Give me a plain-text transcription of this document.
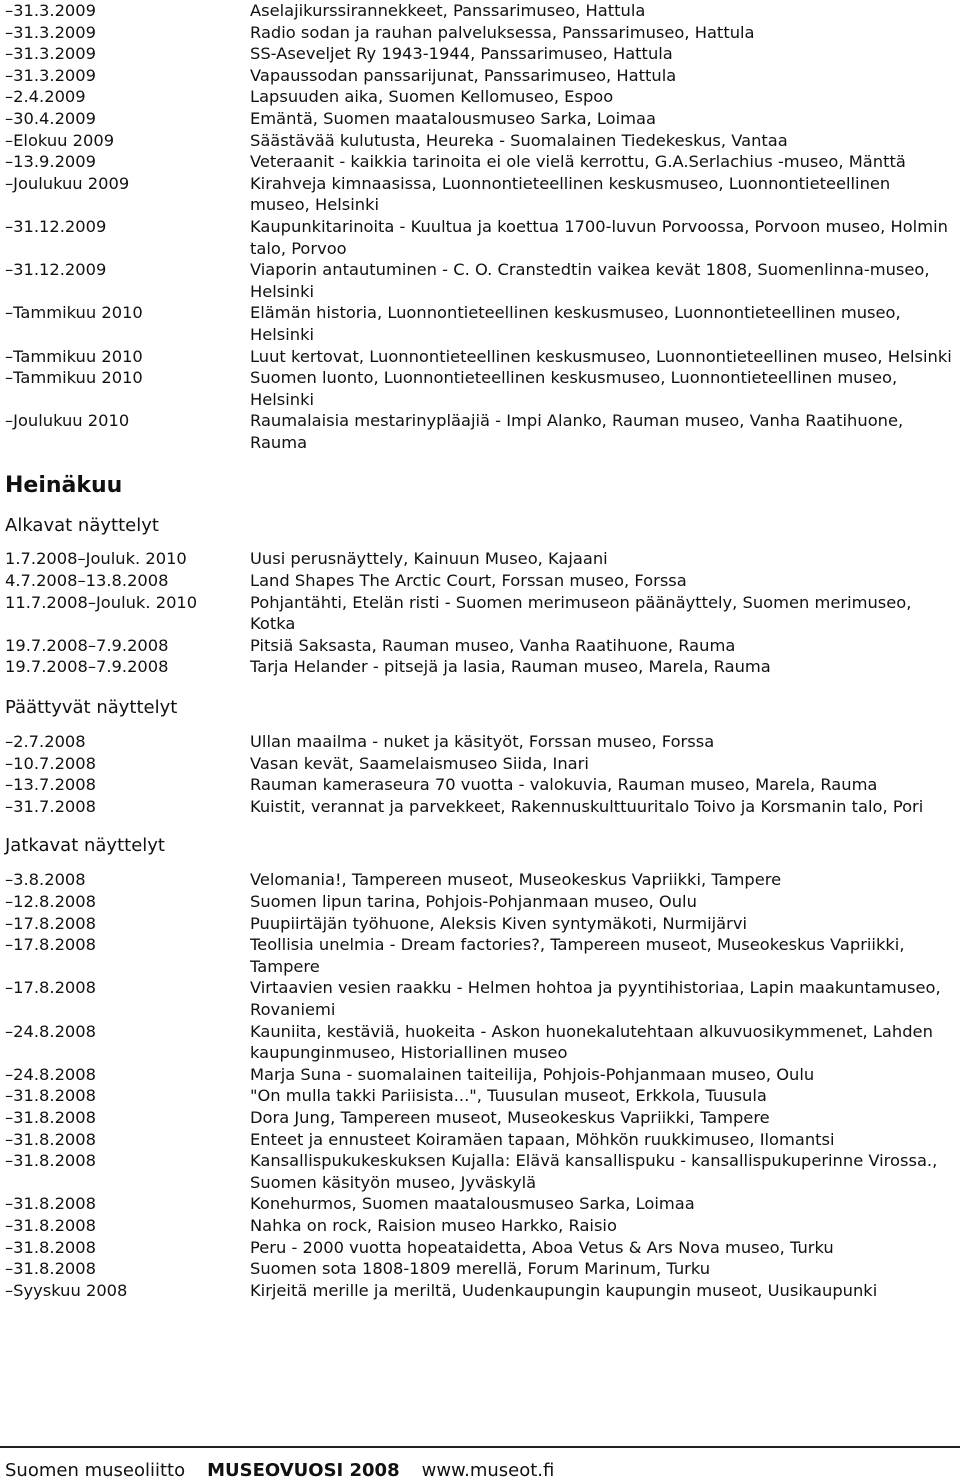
–31.3.2009	Aselajikurssirannekkeet, Panssarimuseo, Hattula
–31.3.2009	Radio sodan ja rauhan palveluksessa, Panssarimuseo, Hattula
–31.3.2009	SS-Aseveljet Ry 1943-1944, Panssarimuseo, Hattula
–31.3.2009	Vapaussodan panssarijunat, Panssarimuseo, Hattula
–2.4.2009	Lapsuuden aika, Suomen Kellomuseo, Espoo
–30.4.2009	Emäntä, Suomen maatalousmuseo Sarka, Loimaa
–Elokuu 2009	Säästävää kulutusta, Heureka - Suomalainen Tiedekeskus, Vantaa
–13.9.2009	Veteraanit - kaikkia tarinoita ei ole vielä kerrottu, G.A.Serlachius -museo, Mänttä
–Joulukuu 2009	Kirahveja kimnaasissa, Luonnontieteellinen keskusmuseo, Luonnontieteellinen museo, Helsinki
–31.12.2009	Kaupunkitarinoita - Kuultua ja koettua 1700-luvun Porvoossa, Porvoon museo, Holmin talo, Porvoo
–31.12.2009	Viaporin antautuminen - C. O. Cranstedtin vaikea kevät 1808, Suomenlinna-museo, Helsinki
–Tammikuu 2010	Elämän historia, Luonnontieteellinen keskusmuseo, Luonnontieteellinen museo, Helsinki
–Tammikuu 2010	Luut kertovat, Luonnontieteellinen keskusmuseo, Luonnontieteellinen museo, Helsinki
–Tammikuu 2010	Suomen luonto, Luonnontieteellinen keskusmuseo, Luonnontieteellinen museo, Helsinki
–Joulukuu 2010	Raumalaisia mestarinypläajiä - Impi Alanko, Rauman museo, Vanha Raatihuone, Rauma
Heinäkuu
Alkavat näyttelyt
1.7.2008–Jouluk. 2010	Uusi perusnäyttely, Kainuun Museo, Kajaani
4.7.2008–13.8.2008	Land Shapes The Arctic Court, Forssan museo, Forssa
11.7.2008–Jouluk. 2010	Pohjantähti, Etelän risti - Suomen merimuseon päänäyttely, Suomen merimuseo, Kotka
19.7.2008–7.9.2008	Pitsiä Saksasta, Rauman museo, Vanha Raatihuone, Rauma
19.7.2008–7.9.2008	Tarja Helander - pitsejä ja lasia, Rauman museo, Marela, Rauma
Päättyvät näyttelyt
–2.7.2008	Ullan maailma - nuket ja käsityöt, Forssan museo, Forssa
–10.7.2008	Vasan kevät, Saamelaismuseo Siida, Inari
–13.7.2008	Rauman kameraseura 70 vuotta - valokuvia, Rauman museo, Marela, Rauma
–31.7.2008	Kuistit, verannat ja parvekkeet, Rakennuskulttuuritalo Toivo ja Korsmanin talo, Pori
Jatkavat näyttelyt
–3.8.2008	Velomania!, Tampereen museot, Museokeskus Vapriikki, Tampere
–12.8.2008	Suomen lipun tarina, Pohjois-Pohjanmaan museo, Oulu
–17.8.2008	Puupiirtäjän työhuone, Aleksis Kiven syntymäkoti, Nurmijärvi
–17.8.2008	Teollisia unelmia - Dream factories?, Tampereen museot, Museokeskus Vapriikki, Tampere
–17.8.2008	Virtaavien vesien raakku - Helmen hohtoa ja pyyntihistoriaa, Lapin maakuntamuseo, Rovaniemi
–24.8.2008	Kauniita, kestäviä, huokeita - Askon huonekalutehtaan alkuvuosikymmenet, Lahden kaupunginmuseo, Historiallinen museo
–24.8.2008	Marja Suna - suomalainen taiteilija, Pohjois-Pohjanmaan museo, Oulu
–31.8.2008	"On mulla takki Pariisista...", Tuusulan museot, Erkkola, Tuusula
–31.8.2008	Dora Jung, Tampereen museot, Museokeskus Vapriikki, Tampere
–31.8.2008	Enteet ja ennusteet Koiramäen tapaan, Möhkön ruukkimuseo, Ilomantsi
–31.8.2008	Kansallispukukeskuksen Kujalla: Elävä kansallispuku - kansallispukuperinne Virossa., Suomen käsityön museo, Jyväskylä
–31.8.2008	Konehurmos, Suomen maatalousmuseo Sarka, Loimaa
–31.8.2008	Nahka on rock, Raision museo Harkko, Raisio
–31.8.2008	Peru - 2000 vuotta hopeataidetta, Aboa Vetus & Ars Nova museo, Turku
–31.8.2008	Suomen sota 1808-1809 merellä, Forum Marinum, Turku
–Syyskuu 2008	Kirjeitä merille ja meriltä, Uudenkaupungin kaupungin museot, Uusikaupunki
Suomen museoliitto MUSEOVUOSI 2008 www.museot.fi
